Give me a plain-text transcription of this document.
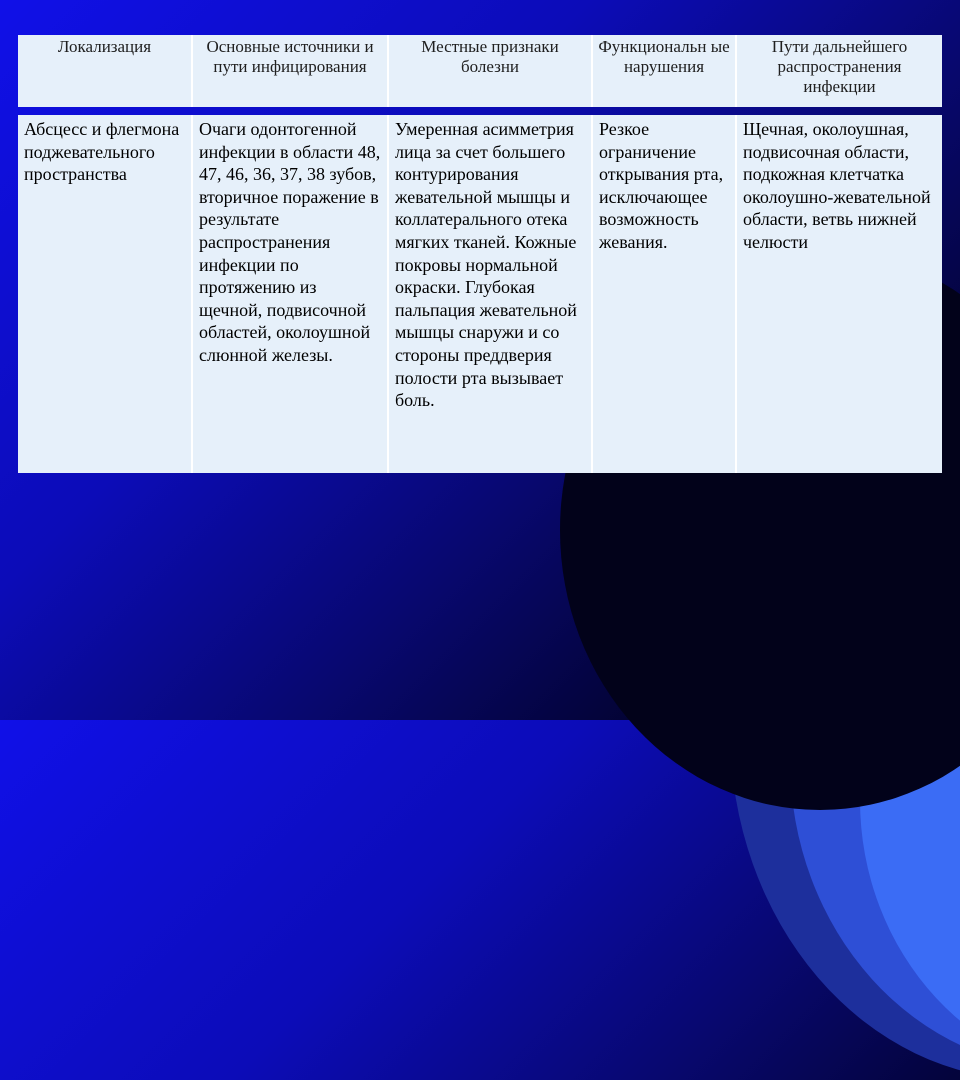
Локализация	Основные источники и пути инфицирования
Местные признаки болезни
Функциональн ые нарушения
Пути дальнейшего распространения инфекции
Абсцесс и флегмона поджевательного пространства
Очаги одонтогенной инфекции в области 48, 47, 46, 36, 37, 38 зубов, вторичное поражение в результате распространения инфекции по протяжению из щечной, подвисочной областей, околоушной слюнной железы.
Умеренная асимметрия лица за счет большего контурирования жевательной мышцы и коллатерального отека мягких тканей. Кожные покровы нормальной окраски. Глубокая пальпация жевательной мышцы снаружи и со стороны преддверия полости рта вызывает боль.
Резкое ограничение открывания рта, исключающее возможность жевания.
Щечная, околоушная, подвисочная области, подкожная клетчатка околоушно-жевательной области, ветвь нижней челюсти
